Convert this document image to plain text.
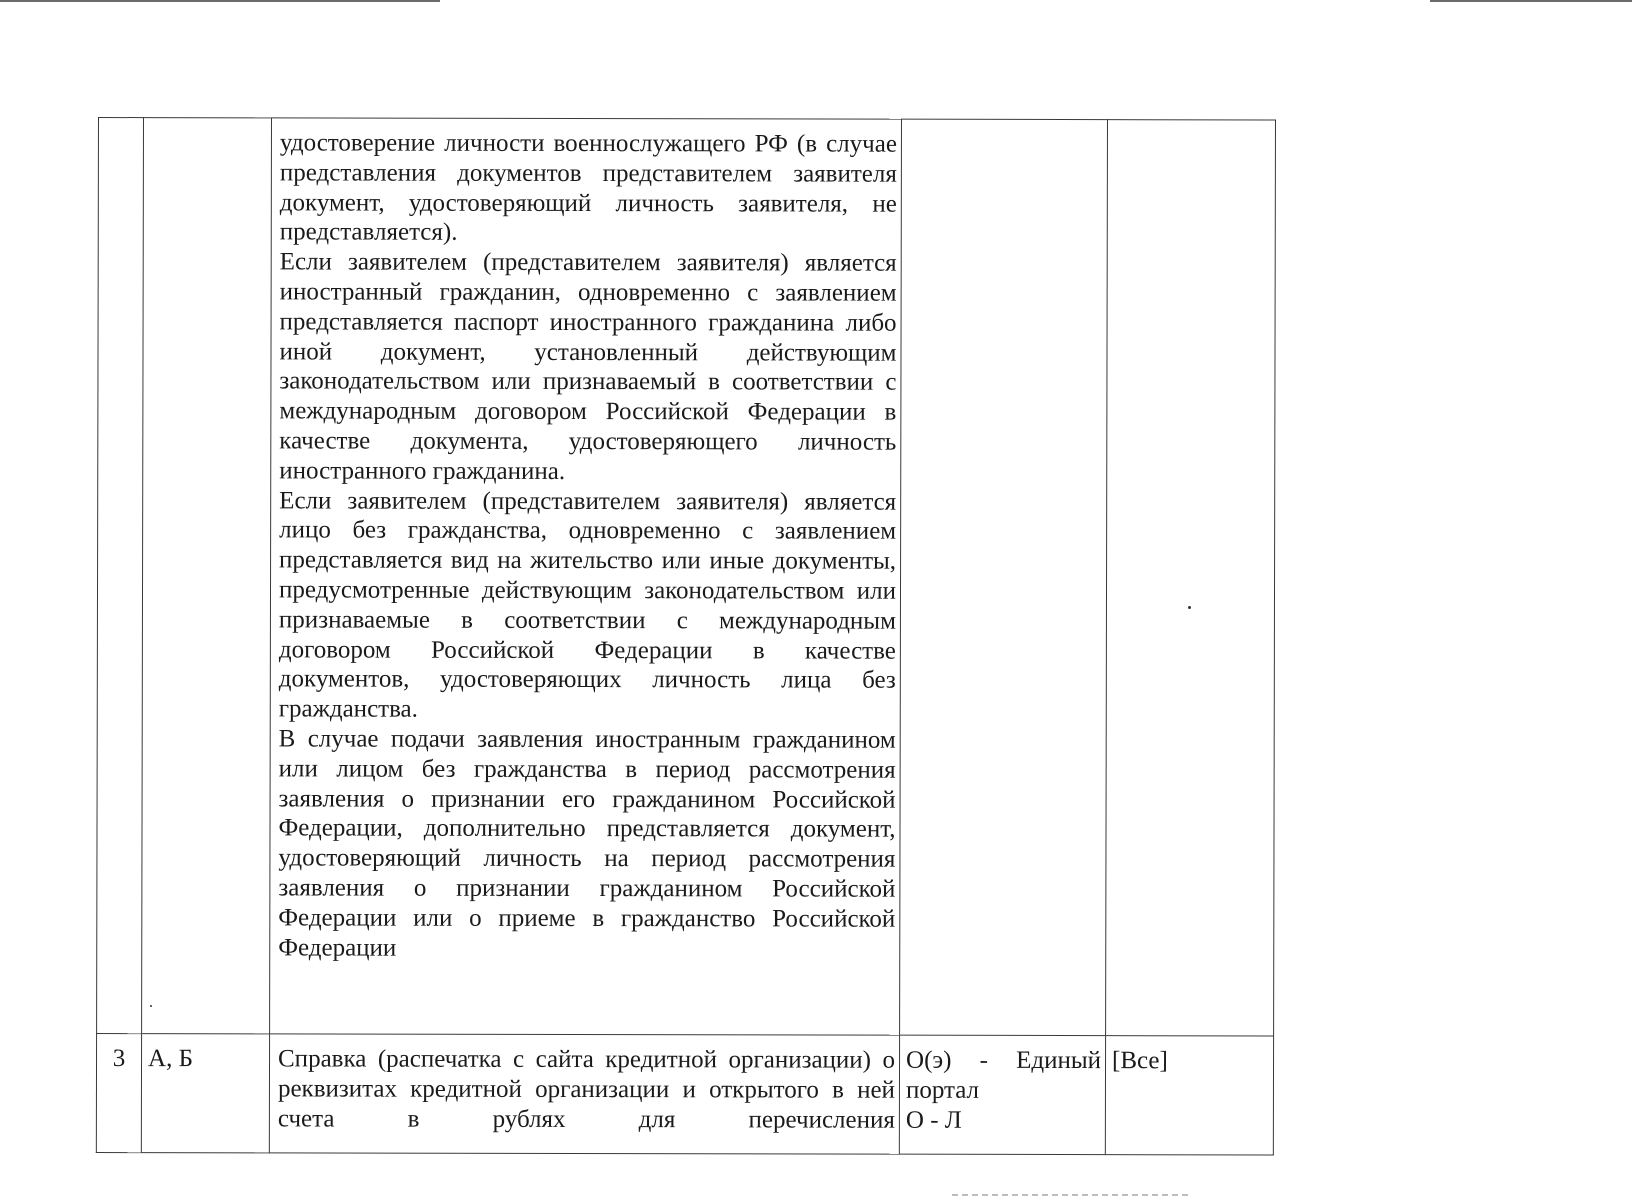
		удостоверение личности военнослужащего РФ (в случае представления документов представителем заявителя документ, удостоверяющий личность заявителя, не представляется).

Если заявителем (представителем заявителя) является иностранный гражданин, одновременно с заявлением представляется паспорт иностранного гражданина либо иной документ, установленный действующим законодательством или признаваемый в соответствии с международным договором Российской Федерации в качестве документа, удостоверяющего личность иностранного гражданина.

Если заявителем (представителем заявителя) является лицо без гражданства, одновременно с заявлением представляется вид на жительство или иные документы, предусмотренные действующим законодательством или признаваемые в соответствии с международным договором Российской Федерации в качестве документов, удостоверяющих личность лица без гражданства.

В случае подачи заявления иностранным гражданином или лицом без гражданства в период рассмотрения заявления о признании его гражданином Российской Федерации, дополнительно представляется документ, удостоверяющий личность на период рассмотрения заявления о признании гражданином Российской Федерации или о приеме в гражданство Российской Федерации		

3	А, Б	Справка (распечатка с сайта кредитной организации) о реквизитах кредитной организации и открытого в ней счета в рублях для перечисления	О(э) - Единый
портал
О - Л	[Все]
